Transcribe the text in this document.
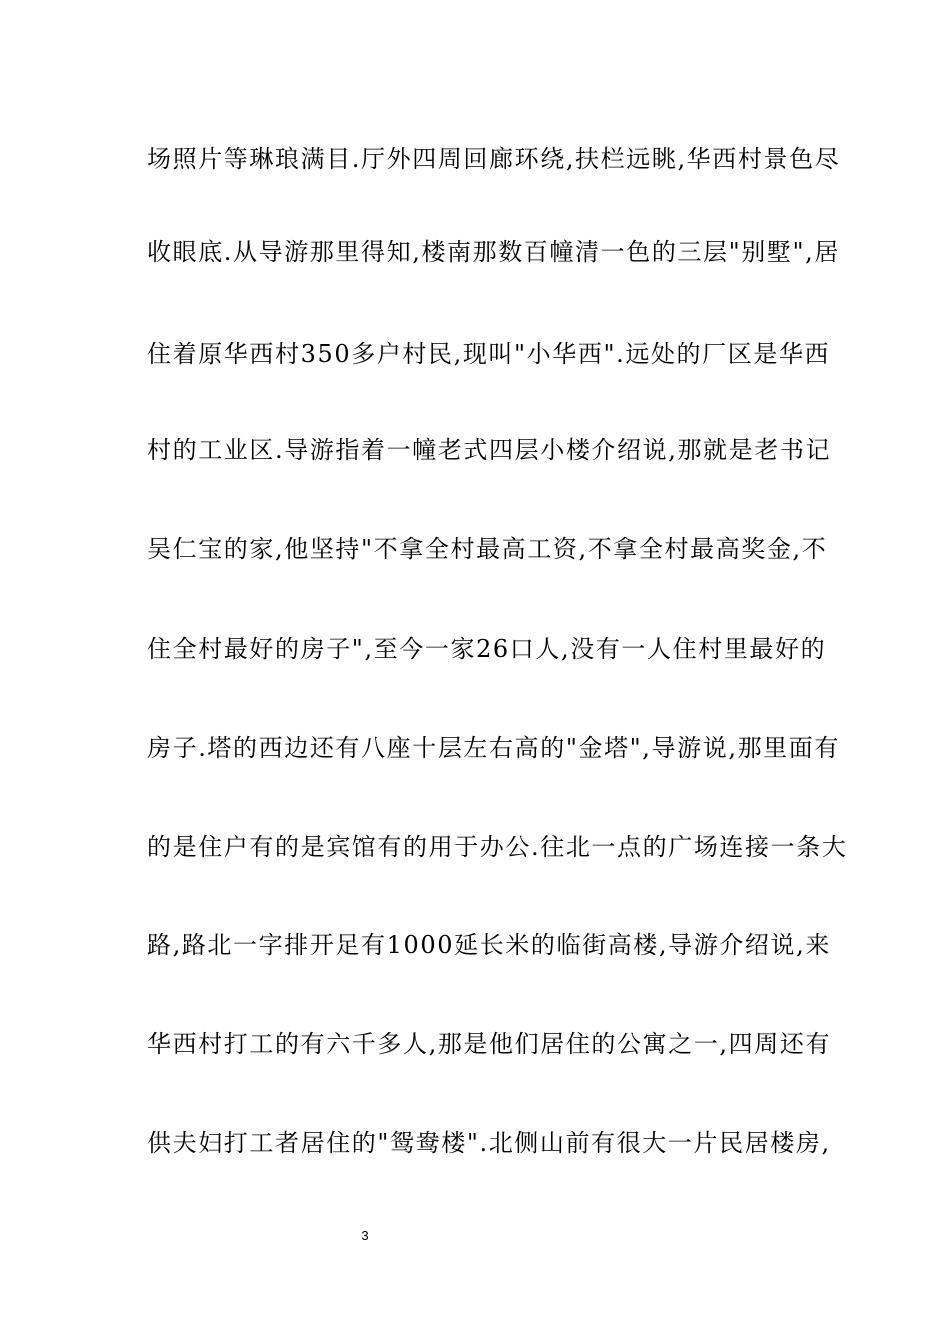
场照片等琳琅满目.厅外四周回廊环绕,扶栏远眺,华西村景色尽
收眼底.从导游那里得知,楼南那数百幢清一色的三层"别墅",居
住着原华西村350多户村民,现叫"小华西".远处的厂区是华西
村的工业区.导游指着一幢老式四层小楼介绍说,那就是老书记
吴仁宝的家,他坚持"不拿全村最高工资,不拿全村最高奖金,不
住全村最好的房子",至今一家26口人,没有一人住村里最好的
房子.塔的西边还有八座十层左右高的"金塔",导游说,那里面有
的是住户有的是宾馆有的用于办公.往北一点的广场连接一条大
路,路北一字排开足有1000延长米的临街高楼,导游介绍说,来
华西村打工的有六千多人,那是他们居住的公寓之一,四周还有
供夫妇打工者居住的"鸳鸯楼".北侧山前有很大一片民居楼房,
3
